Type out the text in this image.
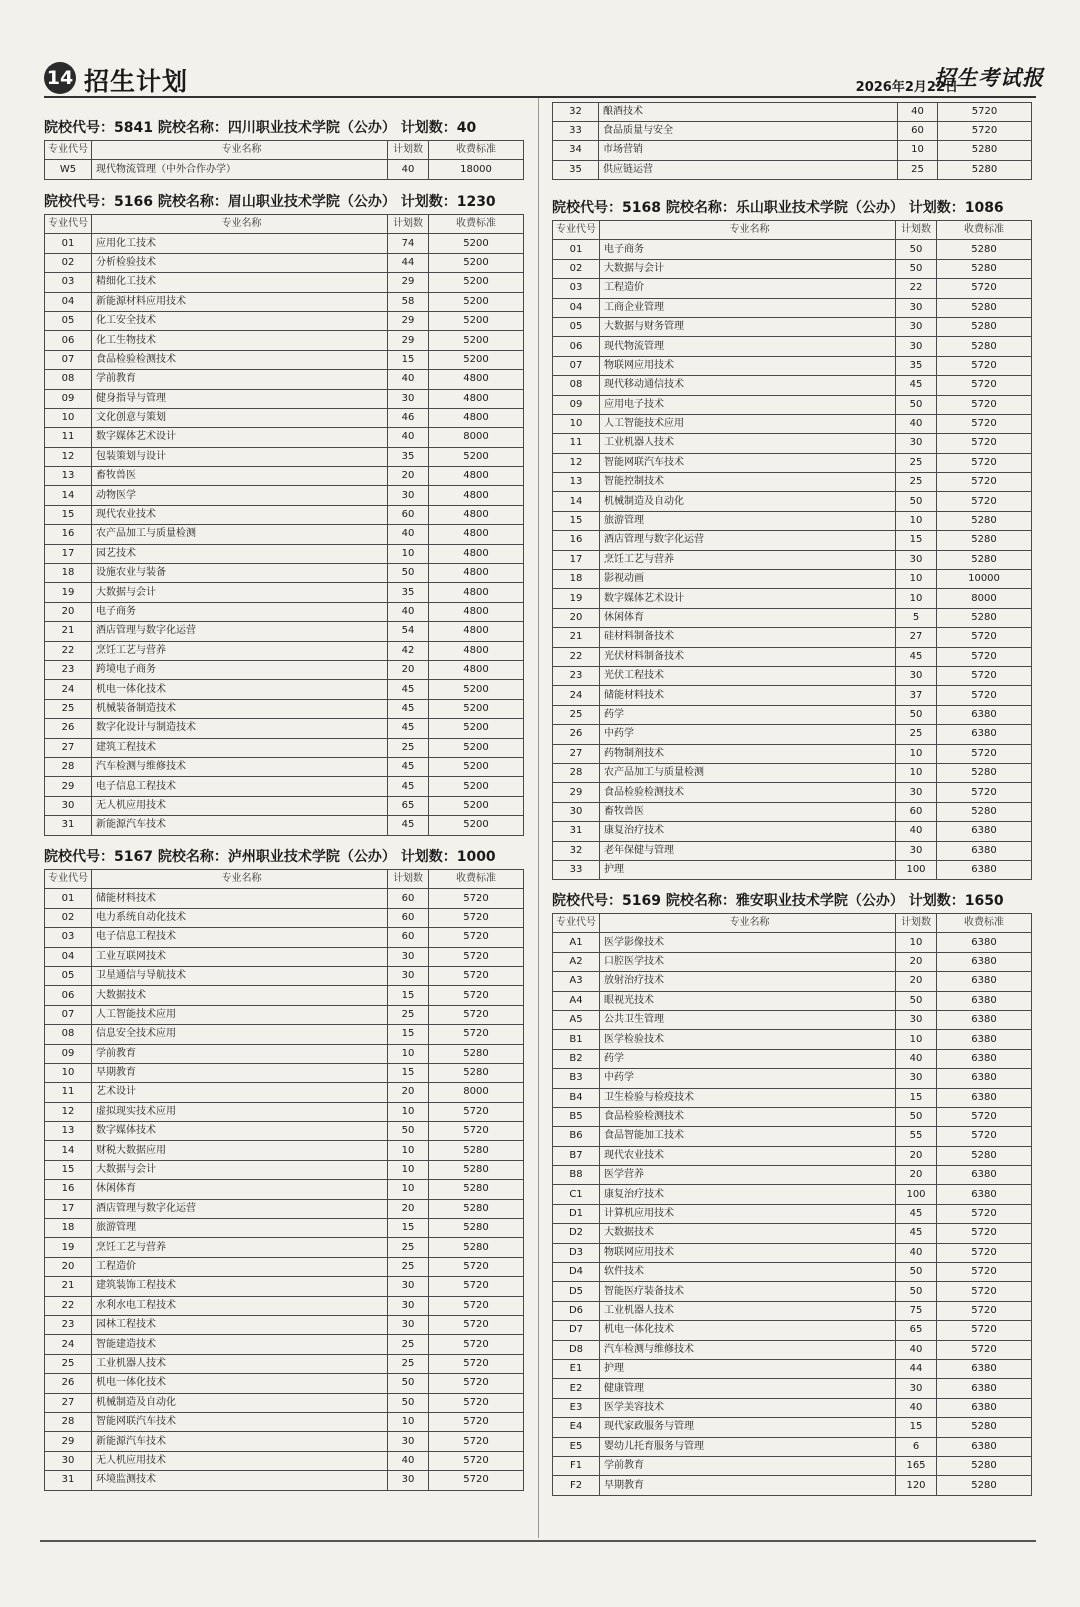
14 招生计划	2026年2月22日
招生考试报
院校代号：5841 院校名称：四川职业技术学院（公办） 计划数：40
专业代号	专业名称	计划数	收费标准
W5	现代物流管理（中外合作办学）	40	18000
院校代号：5166 院校名称：眉山职业技术学院（公办） 计划数：1230
专业代号	专业名称	计划数	收费标准
01	应用化工技术	74	5200
02	分析检验技术	44	5200
03	精细化工技术	29	5200
04	新能源材料应用技术	58	5200
05	化工安全技术	29	5200
06	化工生物技术	29	5200
07	食品检验检测技术	15	5200
08	学前教育	40	4800
09	健身指导与管理	30	4800
10	文化创意与策划	46	4800
11	数字媒体艺术设计	40	8000
12	包装策划与设计	35	5200
13	畜牧兽医	20	4800
14	动物医学	30	4800
15	现代农业技术	60	4800
16	农产品加工与质量检测	40	4800
17	园艺技术	10	4800
18	设施农业与装备	50	4800
19	大数据与会计	35	4800
20	电子商务	40	4800
21	酒店管理与数字化运营	54	4800
22	烹饪工艺与营养	42	4800
23	跨境电子商务	20	4800
24	机电一体化技术	45	5200
25	机械装备制造技术	45	5200
26	数字化设计与制造技术	45	5200
27	建筑工程技术	25	5200
28	汽车检测与维修技术	45	5200
29	电子信息工程技术	45	5200
30	无人机应用技术	65	5200
31	新能源汽车技术	45	5200
院校代号：5167 院校名称：泸州职业技术学院（公办） 计划数：1000
专业代号	专业名称	计划数	收费标准
01	储能材料技术	60	5720
02	电力系统自动化技术	60	5720
03	电子信息工程技术	60	5720
04	工业互联网技术	30	5720
05	卫星通信与导航技术	30	5720
06	大数据技术	15	5720
07	人工智能技术应用	25	5720
08	信息安全技术应用	15	5720
09	学前教育	10	5280
10	早期教育	15	5280
11	艺术设计	20	8000
12	虚拟现实技术应用	10	5720
13	数字媒体技术	50	5720
14	财税大数据应用	10	5280
15	大数据与会计	10	5280
16	休闲体育	10	5280
17	酒店管理与数字化运营	20	5280
18	旅游管理	15	5280
19	烹饪工艺与营养	25	5280
20	工程造价	25	5720
21	建筑装饰工程技术	30	5720
22	水利水电工程技术	30	5720
23	园林工程技术	30	5720
24	智能建造技术	25	5720
25	工业机器人技术	25	5720
26	机电一体化技术	50	5720
27	机械制造及自动化	50	5720
28	智能网联汽车技术	10	5720
29	新能源汽车技术	30	5720
30	无人机应用技术	40	5720
31	环境监测技术	30	5720
32	酿酒技术	40	5720
33	食品质量与安全	60	5720
34	市场营销	10	5280
35	供应链运营	25	5280
院校代号：5168 院校名称：乐山职业技术学院（公办） 计划数：1086
专业代号	专业名称	计划数	收费标准
01	电子商务	50	5280
02	大数据与会计	50	5280
03	工程造价	22	5720
04	工商企业管理	30	5280
05	大数据与财务管理	30	5280
06	现代物流管理	30	5280
07	物联网应用技术	35	5720
08	现代移动通信技术	45	5720
09	应用电子技术	50	5720
10	人工智能技术应用	40	5720
11	工业机器人技术	30	5720
12	智能网联汽车技术	25	5720
13	智能控制技术	25	5720
14	机械制造及自动化	50	5720
15	旅游管理	10	5280
16	酒店管理与数字化运营	15	5280
17	烹饪工艺与营养	30	5280
18	影视动画	10	10000
19	数字媒体艺术设计	10	8000
20	休闲体育	5	5280
21	硅材料制备技术	27	5720
22	光伏材料制备技术	45	5720
23	光伏工程技术	30	5720
24	储能材料技术	37	5720
25	药学	50	6380
26	中药学	25	6380
27	药物制剂技术	10	5720
28	农产品加工与质量检测	10	5280
29	食品检验检测技术	30	5720
30	畜牧兽医	60	5280
31	康复治疗技术	40	6380
32	老年保健与管理	30	6380
33	护理	100	6380
院校代号：5169 院校名称：雅安职业技术学院（公办） 计划数：1650
专业代号	专业名称	计划数	收费标准
A1	医学影像技术	10	6380
A2	口腔医学技术	20	6380
A3	放射治疗技术	20	6380
A4	眼视光技术	50	6380
A5	公共卫生管理	30	6380
B1	医学检验技术	10	6380
B2	药学	40	6380
B3	中药学	30	6380
B4	卫生检验与检疫技术	15	6380
B5	食品检验检测技术	50	5720
B6	食品智能加工技术	55	5720
B7	现代农业技术	20	5280
B8	医学营养	20	6380
C1	康复治疗技术	100	6380
D1	计算机应用技术	45	5720
D2	大数据技术	45	5720
D3	物联网应用技术	40	5720
D4	软件技术	50	5720
D5	智能医疗装备技术	50	5720
D6	工业机器人技术	75	5720
D7	机电一体化技术	65	5720
D8	汽车检测与维修技术	40	5720
E1	护理	44	6380
E2	健康管理	30	6380
E3	医学美容技术	40	6380
E4	现代家政服务与管理	15	5280
E5	婴幼儿托育服务与管理	6	6380
F1	学前教育	165	5280
F2	早期教育	120	5280
